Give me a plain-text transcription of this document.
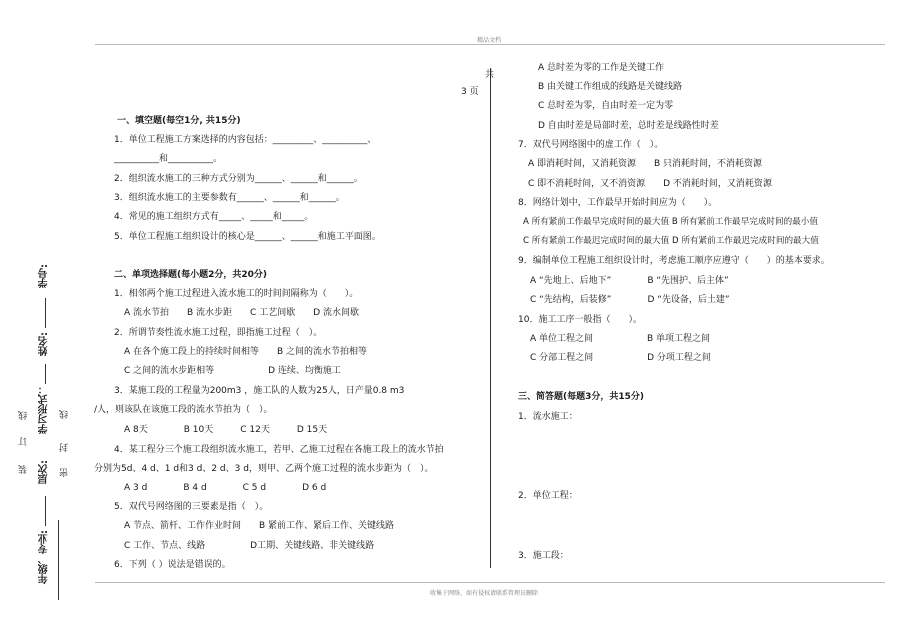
精品文档
收集于网络，如有侵权请联系管理员删除
共
3 页
学号:
姓名:
学习形式：
层次:
年级、专业:
装
订
线
密
封
线
一、填空题(每空1分, 共15分)
1．单位工程施工方案选择的内容包括：_________、__________、
__________和__________。
2．组织流水施工的三种方式分别为______、______和______。
3．组织流水施工的主要参数有______、______和______。
4．常见的施工组织方式有_____、_____和_____。
5．单位工程施工组织设计的核心是______、______和施工平面图。
二、单项选择题(每小题2分，共20分)
1．相邻两个施工过程进入流水施工的时间间隔称为（　　）。
A 流水节拍　　B 流水步距　　C 工艺间歇　　D 流水间歇
2．所谓节奏性流水施工过程，即指施工过程（　）。
A 在各个施工段上的持续时间相等　　B 之间的流水节拍相等
C 之间的流水步距相等　　　　　　D 连续、均衡施工
3．某施工段的工程量为200m3 ，施工队的人数为25人，日产量0.8 m3
/人，则该队在该施工段的流水节拍为（　）。
A 8天　　　　B 10天　　　C 12天　　　D 15天
4．某工程分三个施工段组织流水施工，若甲、乙施工过程在各施工段上的流水节拍
分别为5d、4 d、1 d和3 d、2 d、3 d，则甲、乙两个施工过程的流水步距为（　）。
A 3 d　　　　B 4 d　　　　C 5 d　　　　D 6 d
5．双代号网络图的三要素是指（　）。
A 节点、箭杆、工作作业时间　　B 紧前工作、紧后工作、关键线路
C 工作、节点、线路　　　　　D工期、关键线路、非关键线路
6．下列（ ）说法是错误的。
A 总时差为零的工作是关键工作
B 由关键工作组成的线路是关键线路
C 总时差为零，自由时差一定为零
D 自由时差是局部时差，总时差是线路性时差
7．双代号网络图中的虚工作（　）。
A 即消耗时间，又消耗资源　　B 只消耗时间，不消耗资源
C 即不消耗时间，又不消资源　　D 不消耗时间，又消耗资源
8．网络计划中，工作最早开始时间应为（　　）。
A 所有紧前工作最早完成时间的最大值 B 所有紧前工作最早完成时间的最小值
C 所有紧前工作最迟完成时间的最大值 D 所有紧前工作最迟完成时间的最大值
9．编制单位工程施工组织设计时，考虑施工顺序应遵守（　　）的基本要求。
A “先地上、后地下”　　　　B “先围护、后主体”
C “先结构，后装修”　　　　D “先设备，后土建”
10．施工工序一般指（　　）。
A 单位工程之间　　　　　　B 单项工程之间
C 分部工程之间　　　　　　D 分项工程之间
三、简答题(每题3分，共15分)
1．流水施工：
2．单位工程：
3．施工段：
